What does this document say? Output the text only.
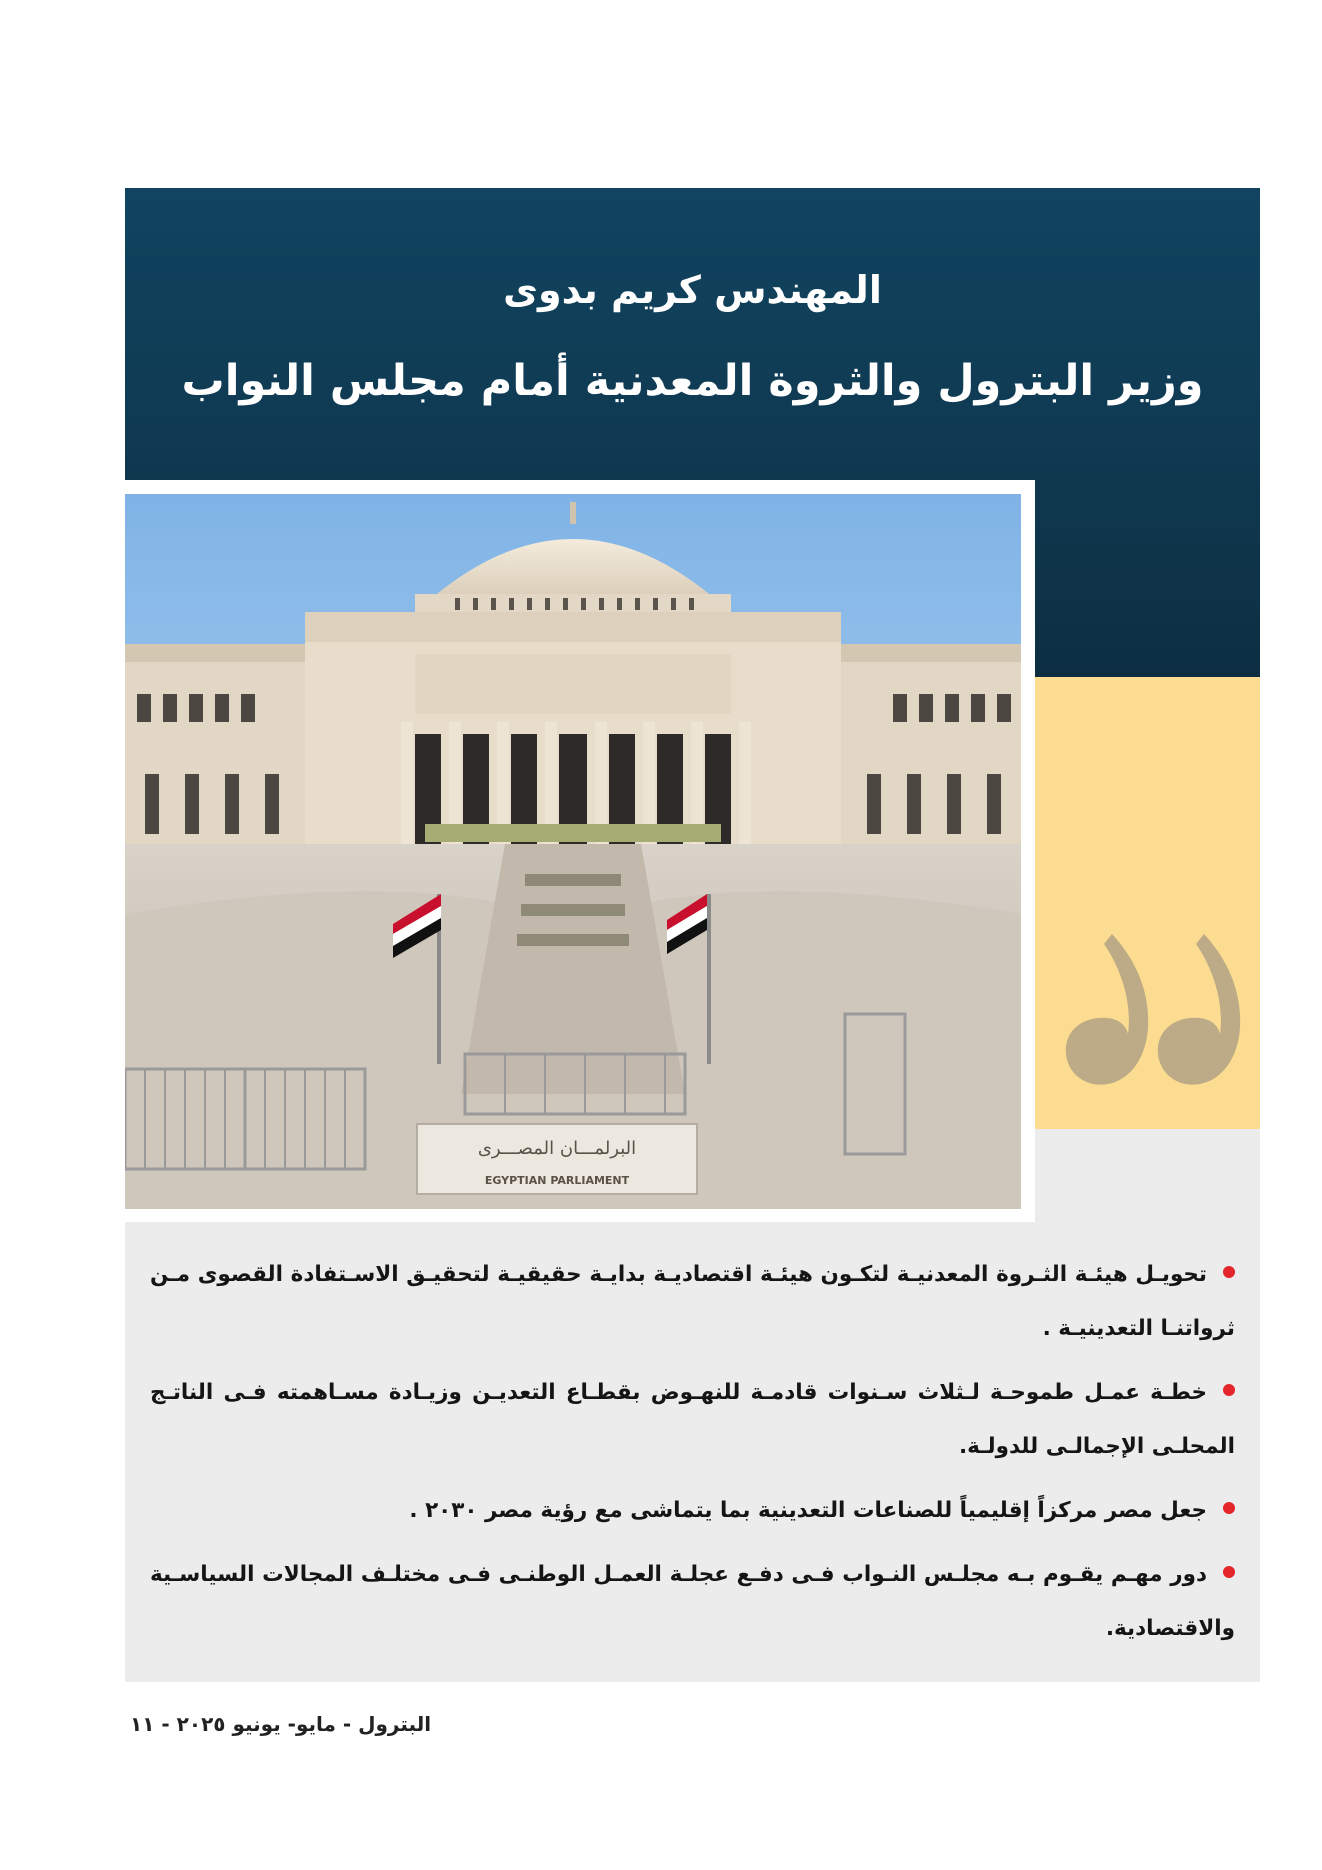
المهندس كريم بدوى
وزير البترول والثروة المعدنية أمام مجلس النواب
البرلمـــان المصـــرى
EGYPTIAN PARLIAMENT
تحويـل هيئـة الثـروة المعدنيـة لتكـون هيئـة اقتصاديـة بدايـة حقيقيـة لتحقيـق الاسـتفادة القصوى مـن ثرواتنـا التعدينيـة .
خطـة عمـل طموحـة لـثلاث سـنوات قادمـة للنهـوض بقطـاع التعديـن وزيـادة مسـاهمته فـى الناتـج المحلـى الإجمالـى للدولـة.
جعل مصر مركزاً إقليمياً للصناعات التعدينية بما يتماشى مع رؤية مصر ٢٠٣٠ .
دور مهـم يقـوم بـه مجلـس النـواب فـى دفـع عجلـة العمـل الوطنـى فـى مختلـف المجالات السياسـية والاقتصادية.
البترول - مايو- يونيو ٢٠٢٥ - ١١
